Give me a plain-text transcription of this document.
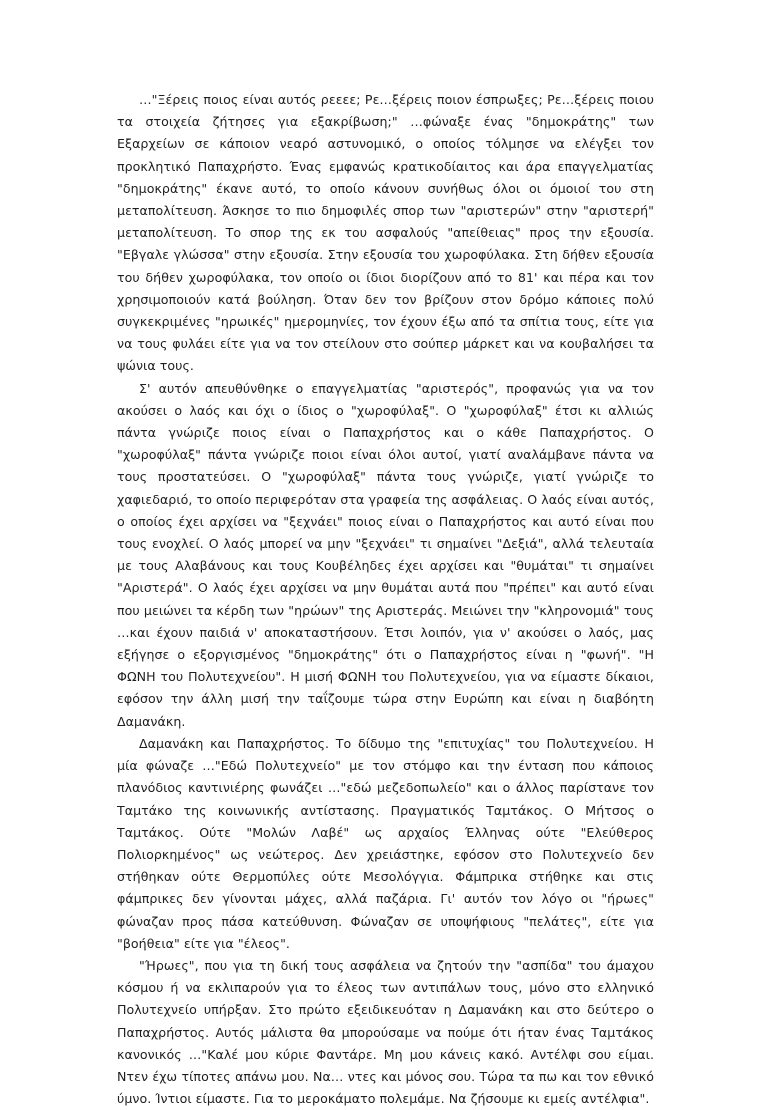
…"Ξέρεις ποιος είναι αυτός ρεεεε; Ρε…ξέρεις ποιον έσπρωξες; Ρε…ξέρεις ποιου τα στοιχεία ζήτησες για εξακρίβωση;" …φώναξε ένας "δημοκράτης" των Εξαρχείων σε κάποιον νεαρό αστυνομικό, ο οποίος τόλμησε να ελέγξει τον προκλητικό Παπαχρήστο. Ένας εμφανώς κρατικοδίαιτος και άρα επαγγελματίας "δημοκράτης" έκανε αυτό, το οποίο κάνουν συνήθως όλοι οι όμοιοί του στη μεταπολίτευση. Άσκησε το πιο δημοφιλές σπορ των "αριστερών" στην "αριστερή" μεταπολίτευση. Το σπορ της εκ του ασφαλούς "απείθειας" προς την εξουσία.

"Εβγαλε γλώσσα" στην εξουσία. Στην εξουσία του χωροφύλακα. Στη δήθεν εξουσία του δήθεν χωροφύλακα, τον οποίο οι ίδιοι διορίζουν από το 81' και πέρα και τον χρησιμοποιούν κατά βούληση. Όταν δεν τον βρίζουν στον δρόμο κάποιες πολύ συγκεκριμένες "ηρωικές" ημερομηνίες, τον έχουν έξω από τα σπίτια τους, είτε για να τους φυλάει είτε για να τον στείλουν στο σούπερ μάρκετ και να κουβαλήσει τα ψώνια τους.

Σ' αυτόν απευθύνθηκε ο επαγγελματίας "αριστερός", προφανώς για να τον ακούσει ο λαός και όχι ο ίδιος ο "χωροφύλαξ". Ο "χωροφύλαξ" έτσι κι αλλιώς πάντα γνώριζε ποιος είναι ο Παπαχρήστος και ο κάθε Παπαχρήστος. Ο "χωροφύλαξ" πάντα γνώριζε ποιοι είναι όλοι αυτοί, γιατί αναλάμβανε πάντα να τους προστατεύσει. Ο "χωροφύλαξ" πάντα τους γνώριζε, γιατί γνώριζε το χαφιεδαριό, το οποίο περιφερόταν στα γραφεία της ασφάλειας. Ο λαός είναι αυτός, ο οποίος έχει αρχίσει να "ξεχνάει" ποιος είναι ο Παπαχρήστος και αυτό είναι που τους ενοχλεί. Ο λαός μπορεί να μην "ξεχνάει" τι σημαίνει "Δεξιά", αλλά τελευταία με τους Αλαβάνους και τους Κουβέληδες έχει αρχίσει και "θυμάται" τι σημαίνει "Αριστερά". Ο λαός έχει αρχίσει να μην θυμάται αυτά που "πρέπει" και αυτό είναι που μειώνει τα κέρδη των "ηρώων" της Αριστεράς. Μειώνει την "κληρονομιά" τους …και έχουν παιδιά ν' αποκαταστήσουν. Έτσι λοιπόν, για ν' ακούσει ο λαός, μας εξήγησε ο εξοργισμένος "δημοκράτης" ότι ο Παπαχρήστος είναι η "φωνή". "Η ΦΩΝΗ του Πολυτεχνείου". Η μισή ΦΩΝΗ του Πολυτεχνείου, για να είμαστε δίκαιοι, εφόσον την άλλη μισή την ταΐζουμε τώρα στην Ευρώπη και είναι η διαβόητη Δαμανάκη.

Δαμανάκη και Παπαχρήστος. Το δίδυμο της "επιτυχίας" του Πολυτεχνείου. Η μία φώναζε …"Εδώ Πολυτεχνείο" με τον στόμφο και την ένταση που κάποιος πλανόδιος καντινιέρης φωνάζει …"εδώ μεζεδοπωλείο" και ο άλλος παρίστανε τον Ταμτάκο της κοινωνικής αντίστασης. Πραγματικός Ταμτάκος. Ο Μήτσος ο Ταμτάκος. Ούτε "Μολών Λαβέ" ως αρχαίος Έλληνας ούτε "Ελεύθερος Πολιορκημένος" ως νεώτερος. Δεν χρειάστηκε, εφόσον στο Πολυτεχνείο δεν στήθηκαν ούτε Θερμοπύλες ούτε Μεσολόγγια. Φάμπρικα στήθηκε και στις φάμπρικες δεν γίνονται μάχες, αλλά παζάρια. Γι' αυτόν τον λόγο οι "ήρωες" φώναζαν προς πάσα κατεύθυνση. Φώναζαν σε υποψήφιους "πελάτες", είτε για "βοήθεια" είτε για "έλεος".

"Ήρωες", που για τη δική τους ασφάλεια να ζητούν την "ασπίδα" του άμαχου κόσμου ή να εκλιπαρούν για το έλεος των αντιπάλων τους, μόνο στο ελληνικό Πολυτεχνείο υπήρξαν. Στο πρώτο εξειδικευόταν η Δαμανάκη και στο δεύτερο ο Παπαχρήστος. Αυτός μάλιστα θα μπορούσαμε να πούμε ότι ήταν ένας Ταμτάκος κανονικός …"Καλέ μου κύριε Φαντάρε. Μη μου κάνεις κακό. Αντέλφι σου είμαι. Ντεν έχω τίποτες απάνω μου. Να… ντες και μόνος σου. Τώρα τα πω και τον εθνικό ύμνο. Ίντιοι είμαστε. Για το μεροκάματο πολεμάμε. Να ζήσουμε κι εμείς αντέλφια".
